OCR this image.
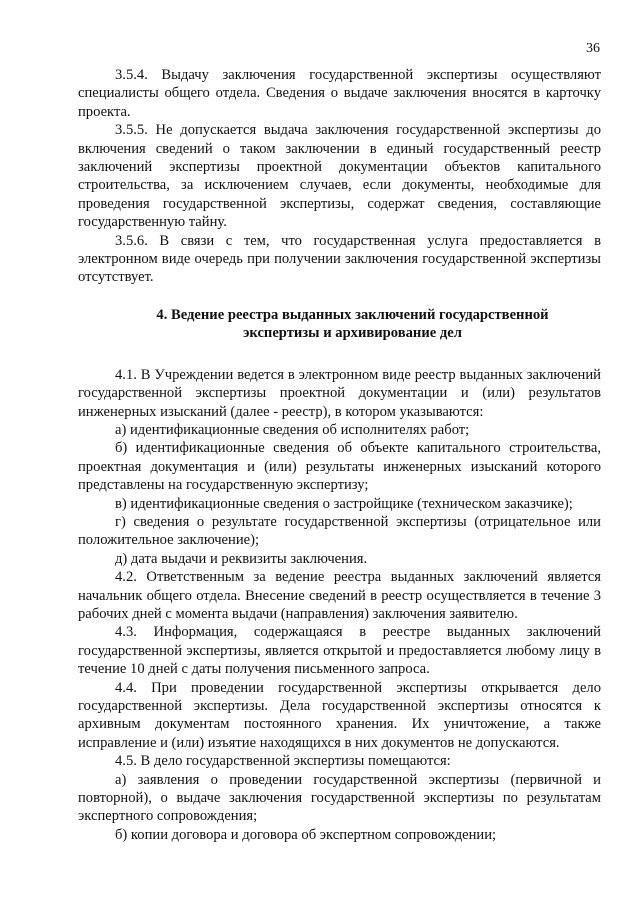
36

3.5.4. Выдачу заключения государственной экспертизы осуществляют специалисты общего отдела. Сведения о выдаче заключения вносятся в карточку проекта.

3.5.5. Не допускается выдача заключения государственной экспертизы до включения сведений о таком заключении в единый государственный реестр заключений экспертизы проектной документации объектов капитального строительства, за исключением случаев, если документы, необходимые для проведения государственной экспертизы, содержат сведения, составляющие государственную тайну.

3.5.6. В связи с тем, что государственная услуга предоставляется в электронном виде очередь при получении заключения государственной экспертизы отсутствует.

4. Ведение реестра выданных заключений государственной
экспертизы и архивирование дел

4.1. В Учреждении ведется в электронном виде реестр выданных заключений государственной экспертизы проектной документации и (или) результатов инженерных изысканий (далее - реестр), в котором указываются:

а) идентификационные сведения об исполнителях работ;

б) идентификационные сведения об объекте капитального строительства, проектная документация и (или) результаты инженерных изысканий которого представлены на государственную экспертизу;

в) идентификационные сведения о застройщике (техническом заказчике);

г) сведения о результате государственной экспертизы (отрицательное или положительное заключение);

д) дата выдачи и реквизиты заключения.

4.2. Ответственным за ведение реестра выданных заключений является начальник общего отдела. Внесение сведений в реестр осуществляется в течение 3 рабочих дней с момента выдачи (направления) заключения заявителю.

4.3. Информация, содержащаяся в реестре выданных заключений государственной экспертизы, является открытой и предоставляется любому лицу в течение 10 дней с даты получения письменного запроса.

4.4. При проведении государственной экспертизы открывается дело государственной экспертизы. Дела государственной экспертизы относятся к архивным документам постоянного хранения. Их уничтожение, а также исправление и (или) изъятие находящихся в них документов не допускаются.

4.5. В дело государственной экспертизы помещаются:

а) заявления о проведении государственной экспертизы (первичной и повторной), о выдаче заключения государственной экспертизы по результатам экспертного сопровождения;

б) копии договора и договора об экспертном сопровождении;
